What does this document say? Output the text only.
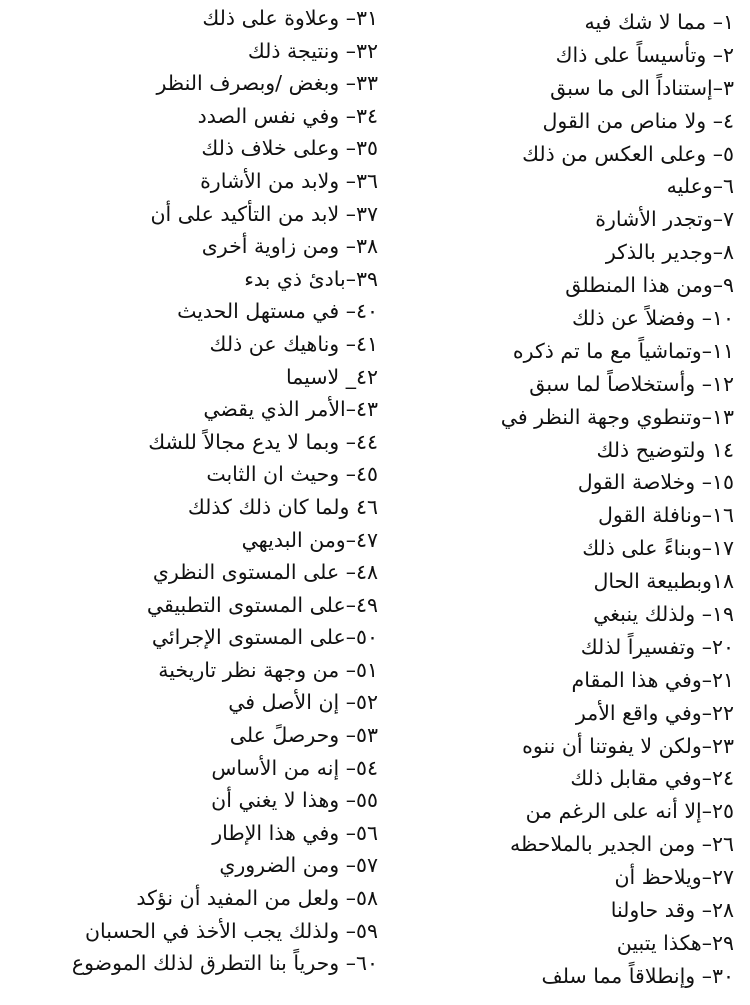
١– مما لا شك فيه
٢– وتأسيساً على ذاك
٣–إستناداً الى ما سبق
٤– ولا مناص من القول
٥– وعلى العكس من ذلك
٦–وعليه
٧–وتجدر الأشارة
٨–وجدير بالذكر
٩–ومن هذا المنطلق
١٠– وفضلاً عن ذلك
١١–وتماشياً مع ما تم ذكره
١٢– وأستخلاصاً لما سبق
١٣–وتنطوي وجهة النظر في
١٤ ولتوضيح ذلك
١٥– وخلاصة القول
١٦–ونافلة القول
١٧–وبناءً على ذلك
١٨وبطبيعة الحال
١٩– ولذلك ينبغي
٢٠– وتفسيراً لذلك
٢١–وفي هذا المقام
٢٢–وفي واقع الأمر
٢٣–ولكن لا يفوتنا أن ننوه
٢٤–وفي مقابل ذلك
٢٥–إلا أنه على الرغم من
٢٦– ومن الجدير بالملاحظه
٢٧–ويلاحظ أن
٢٨– وقد حاولنا
٢٩–هكذا يتبين
٣٠– وإنطلاقاً مما سلف
٣١– وعلاوة على ذلك
٣٢– ونتيجة ذلك
٣٣– وبغض /وبصرف النظر
٣٤– وفي نفس الصدد
٣٥– وعلى خلاف ذلك
٣٦– ولابد من الأشارة
٣٧– لابد من التأكيد على أن
٣٨– ومن زاوية أخرى
٣٩–بادئ ذي بدء
٤٠– في مستهل الحديث
٤١– وناهيك عن ذلك
٤٢_ لاسيما
٤٣–الأمر الذي يقضي
٤٤– وبما لا يدع مجالاً للشك
٤٥– وحيث ان الثابت
٤٦ ولما كان ذلك كذلك
٤٧–ومن البديهي
٤٨– على المستوى النظري
٤٩–على المستوى التطبيقي
٥٠–على المستوى الإجرائي
٥١– من وجهة نظر تاريخية
٥٢– إن الأصل في
٥٣– وحرصلً على
٥٤– إنه من الأساس
٥٥– وهذا لا يغني أن
٥٦– وفي هذا الإطار
٥٧– ومن الضروري
٥٨– ولعل من المفيد أن نؤكد
٥٩– ولذلك يجب الأخذ في الحسبان
٦٠– وحرياً بنا التطرق لذلك الموضوع
